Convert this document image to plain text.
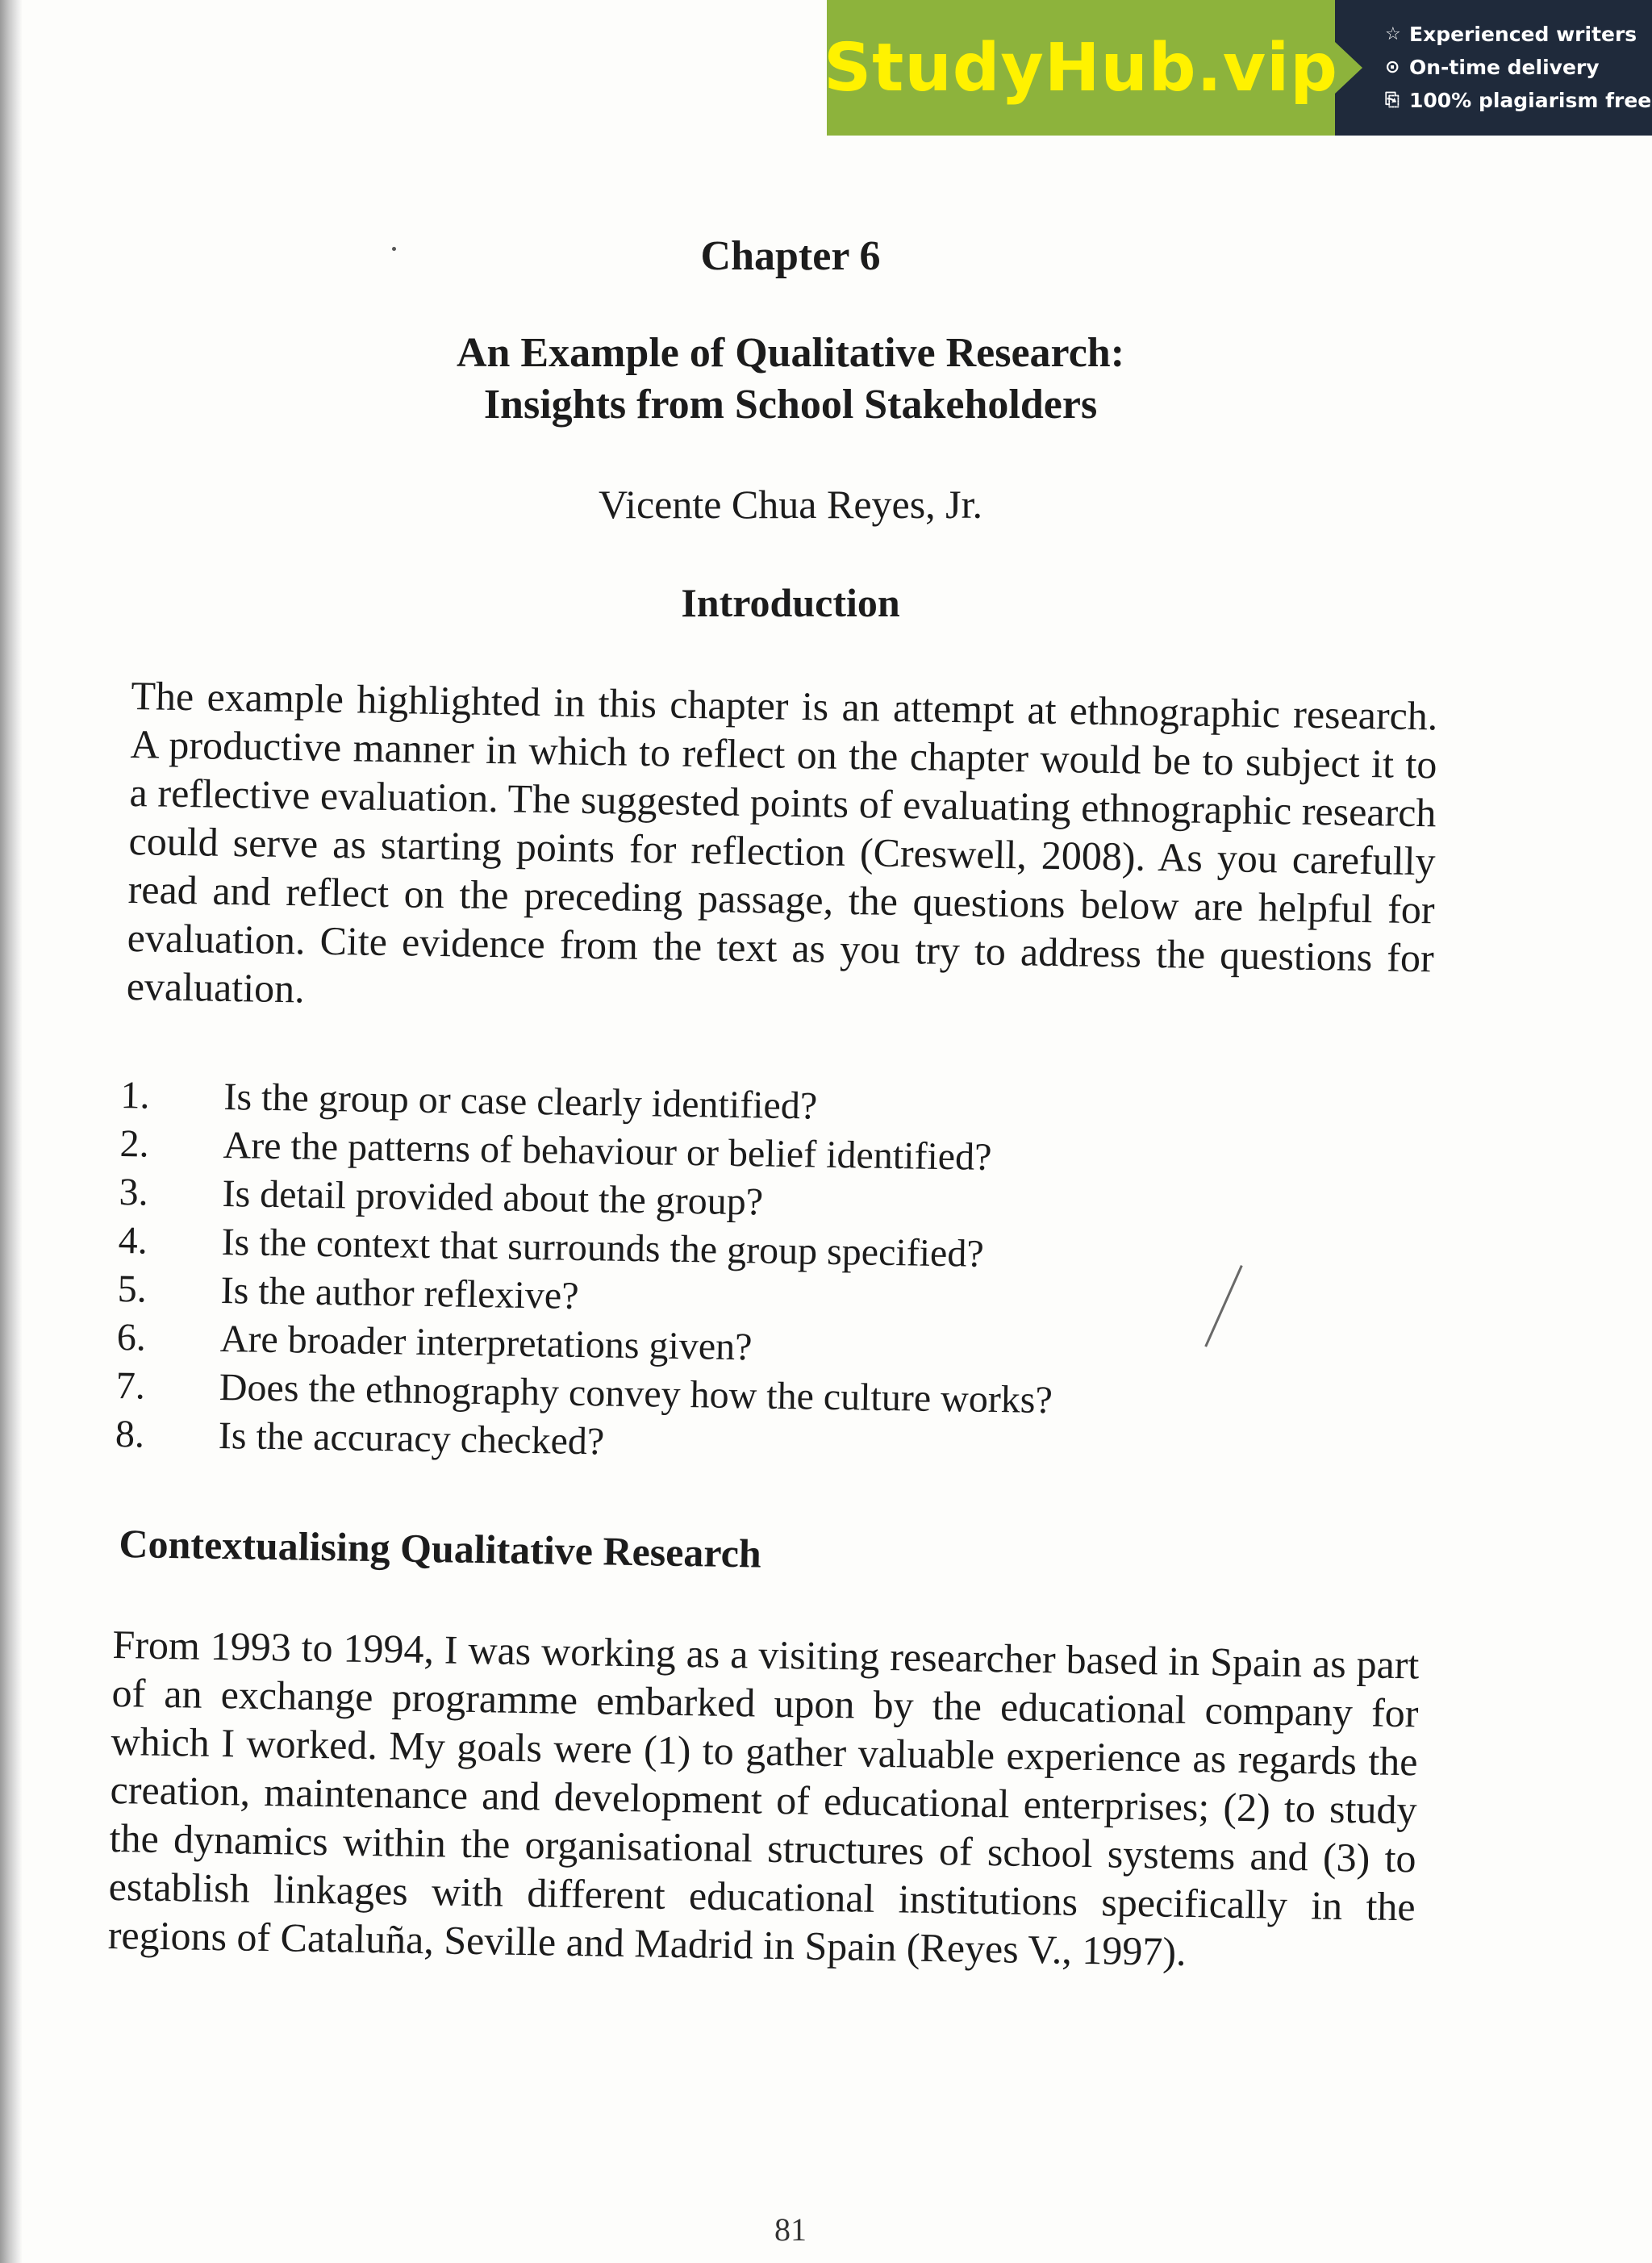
StudyHub.vip	☆ Experienced writers
⊙ On-time delivery
⎘ 100% plagiarism free
Chapter 6
An Example of Qualitative Research:
Insights from School Stakeholders
Vicente Chua Reyes, Jr.
Introduction
The example highlighted in this chapter is an attempt at ethnographic research. A productive manner in which to reflect on the chapter would be to subject it to a reflective evaluation. The suggested points of evaluating ethnographic research could serve as starting points for reflection (Creswell, 2008). As you carefully read and reflect on the preceding passage, the questions below are helpful for evaluation. Cite evidence from the text as you try to address the questions for evaluation.
1.	Is the group or case clearly identified?
2.	Are the patterns of behaviour or belief identified?
3.	Is detail provided about the group?
4.	Is the context that surrounds the group specified?
5.	Is the author reflexive?
6.	Are broader interpretations given?
7.	Does the ethnography convey how the culture works?
8.	Is the accuracy checked?
Contextualising Qualitative Research
From 1993 to 1994, I was working as a visiting researcher based in Spain as part of an exchange programme embarked upon by the educational company for which I worked. My goals were (1) to gather valuable experience as regards the creation, maintenance and development of educational enterprises; (2) to study the dynamics within the organisational structures of school systems and (3) to establish linkages with different educational institutions specifically in the regions of Cataluña, Seville and Madrid in Spain (Reyes V., 1997).
81
